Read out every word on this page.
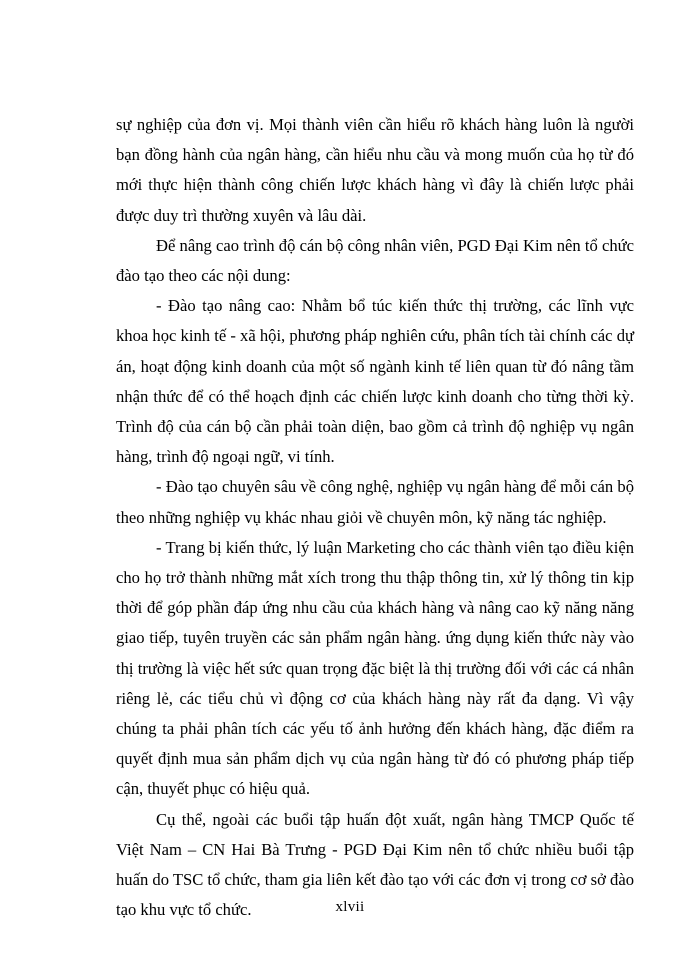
sự nghiệp của đơn vị. Mọi thành viên cần hiểu rõ khách hàng luôn là người bạn đồng hành của ngân hàng, cần hiểu nhu cầu và mong muốn của họ từ đó mới thực hiện thành công chiến lược khách hàng vì đây là chiến lược phải được duy trì thường xuyên và lâu dài.

Để nâng cao trình độ cán bộ công nhân viên, PGD Đại Kim nên tổ chức đào tạo theo các nội dung:

- Đào tạo nâng cao: Nhằm bổ túc kiến thức thị trường, các lĩnh vực khoa học kinh tế - xã hội, phương pháp nghiên cứu, phân tích tài chính các dự án, hoạt động kinh doanh của một số ngành kinh tế liên quan từ đó nâng tầm nhận thức để có thể hoạch định các chiến lược kinh doanh cho từng thời kỳ. Trình độ của cán bộ cần phải toàn diện, bao gồm cả trình độ nghiệp vụ ngân hàng, trình độ ngoại ngữ, vi tính.

- Đào tạo chuyên sâu về công nghệ, nghiệp vụ ngân hàng để mỗi cán bộ theo những nghiệp vụ khác nhau giỏi về chuyên môn, kỹ năng tác nghiệp.

- Trang bị kiến thức, lý luận Marketing cho các thành viên tạo điều kiện cho họ trở thành những mắt xích trong thu thập thông tin, xử lý thông tin kịp thời để góp phần đáp ứng nhu cầu của khách hàng và nâng cao kỹ năng năng giao tiếp, tuyên truyền các sản phẩm ngân hàng. ứng dụng kiến thức này vào thị trường là việc hết sức quan trọng đặc biệt là thị trường đối với các cá nhân riêng lẻ, các tiểu chủ vì động cơ của khách hàng này rất đa dạng. Vì vậy chúng ta phải phân tích các yếu tố ảnh hưởng đến khách hàng, đặc điểm ra quyết định mua sản phẩm dịch vụ của ngân hàng từ đó có phương pháp tiếp cận, thuyết phục có hiệu quả.

Cụ thể, ngoài các buổi tập huấn đột xuất, ngân hàng TMCP Quốc tế Việt Nam – CN Hai Bà Trưng - PGD Đại Kim nên tổ chức nhiều buổi tập huấn do TSC tổ chức, tham gia liên kết đào tạo với các đơn vị trong cơ sở đào tạo khu vực tổ chức.	xlvii
